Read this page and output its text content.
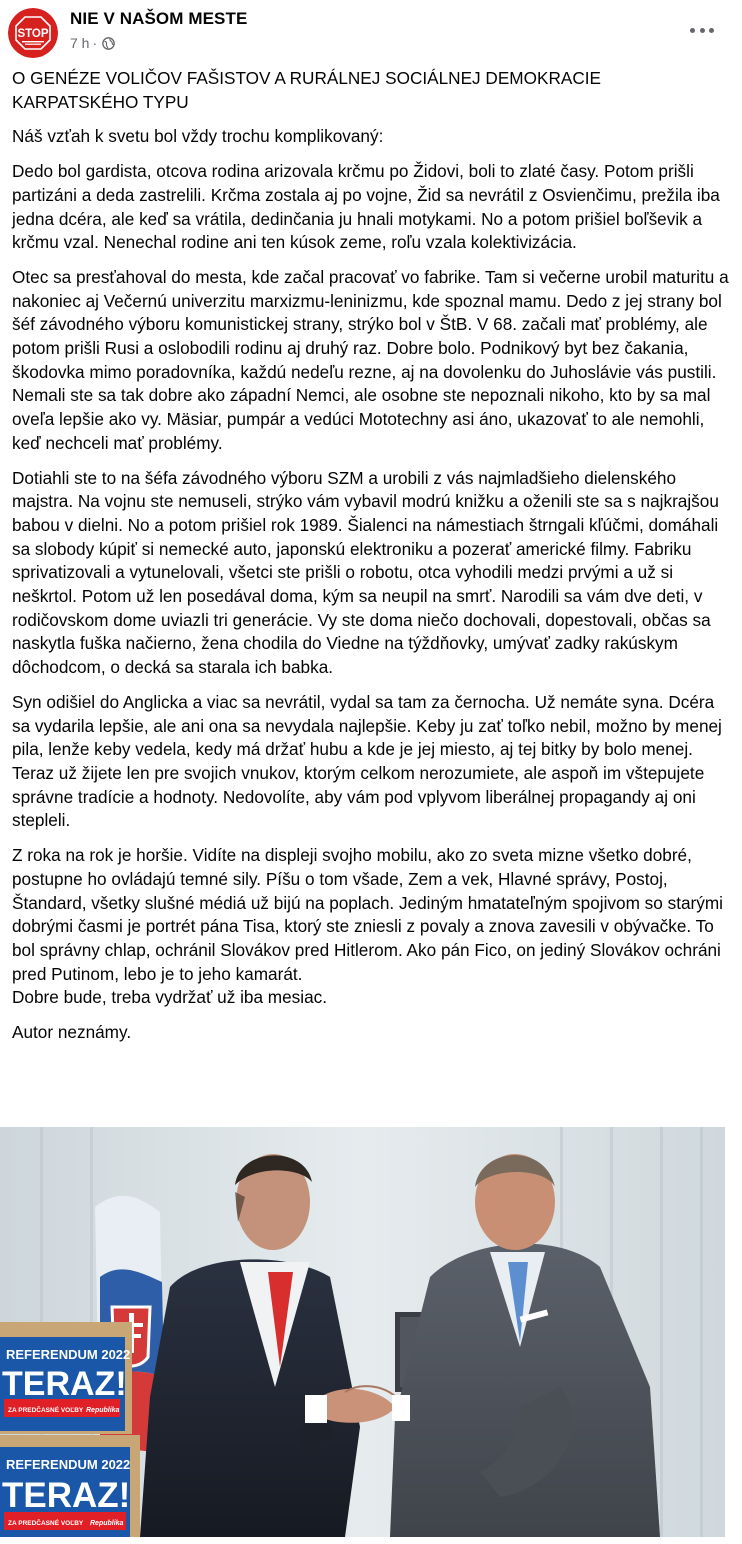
STOP
NIE V NAŠOM MESTE
7 h ·
O GENÉZE VOLIČOV FAŠISTOV A RURÁLNEJ SOCIÁLNEJ DEMOKRACIE KARPATSKÉHO TYPU

Náš vzťah k svetu bol vždy trochu komplikovaný:

Dedo bol gardista, otcova rodina arizovala krčmu po Židovi, boli to zlaté časy. Potom prišli partizáni a deda zastrelili. Krčma zostala aj po vojne, Žid sa nevrátil z Osvienčimu, prežila iba jedna dcéra, ale keď sa vrátila, dedinčania ju hnali motykami. No a potom prišiel boľševik a krčmu vzal. Nenechal rodine ani ten kúsok zeme, roľu vzala kolektivizácia.

Otec sa presťahoval do mesta, kde začal pracovať vo fabrike. Tam si večerne urobil maturitu a nakoniec aj Večernú univerzitu marxizmu-leninizmu, kde spoznal mamu. Dedo z jej strany bol šéf závodného výboru komunistickej strany, strýko bol v ŠtB. V 68. začali mať problémy, ale potom prišli Rusi a oslobodili rodinu aj druhý raz. Dobre bolo. Podnikový byt bez čakania, škodovka mimo poradovníka, každú nedeľu rezne, aj na dovolenku do Juhoslávie vás pustili. Nemali ste sa tak dobre ako západní Nemci, ale osobne ste nepoznali nikoho, kto by sa mal oveľa lepšie ako vy. Mäsiar, pumpár a vedúci Mototechny asi áno, ukazovať to ale nemohli, keď nechceli mať problémy.

Dotiahli ste to na šéfa závodného výboru SZM a urobili z vás najmladšieho dielenského majstra. Na vojnu ste nemuseli, strýko vám vybavil modrú knižku a oženili ste sa s najkrajšou babou v dielni. No a potom prišiel rok 1989. Šialenci na námestiach štrngali kľúčmi, domáhali sa slobody kúpiť si nemecké auto, japonskú elektroniku a pozerať americké filmy. Fabriku sprivatizovali a vytunelovali, všetci ste prišli o robotu, otca vyhodili medzi prvými a už si neškrtol. Potom už len posedával doma, kým sa neupil na smrť. Narodili sa vám dve deti, v rodičovskom dome uviazli tri generácie. Vy ste doma niečo dochovali, dopestovali, občas sa naskytla fuška načierno, žena chodila do Viedne na týždňovky, umývať zadky rakúskym dôchodcom, o decká sa starala ich babka.

Syn odišiel do Anglicka a viac sa nevrátil, vydal sa tam za černocha. Už nemáte syna. Dcéra sa vydarila lepšie, ale ani ona sa nevydala najlepšie. Keby ju zať toľko nebil, možno by menej pila, lenže keby vedela, kedy má držať hubu a kde je jej miesto, aj tej bitky by bolo menej. Teraz už žijete len pre svojich vnukov, ktorým celkom nerozumiete, ale aspoň im vštepujete správne tradície a hodnoty. Nedovolíte, aby vám pod vplyvom liberálnej propagandy aj oni stepleli.

Z roka na rok je horšie. Vidíte na displeji svojho mobilu, ako zo sveta mizne všetko dobré, postupne ho ovládajú temné sily. Píšu o tom všade, Zem a vek, Hlavné správy, Postoj, Štandard, všetky slušné médiá už bijú na poplach. Jediným hmatateľným spojivom so starými dobrými časmi je portrét pána Tisa, ktorý ste zniesli z povaly a znova zavesili v obývačke. To bol správny chlap, ochránil Slovákov pred Hitlerom. Ako pán Fico, on jediný Slovákov ochráni pred Putinom, lebo je to jeho kamarát.
Dobre bude, treba vydržať už iba mesiac.

Autor neznámy.

REFERENDUM 2022
TERAZ!
ZA PREDČASNÉ VOĽBY Republika
REFERENDUM 2022
TERAZ!
ZA PREDČASNÉ VOĽBY Republika
